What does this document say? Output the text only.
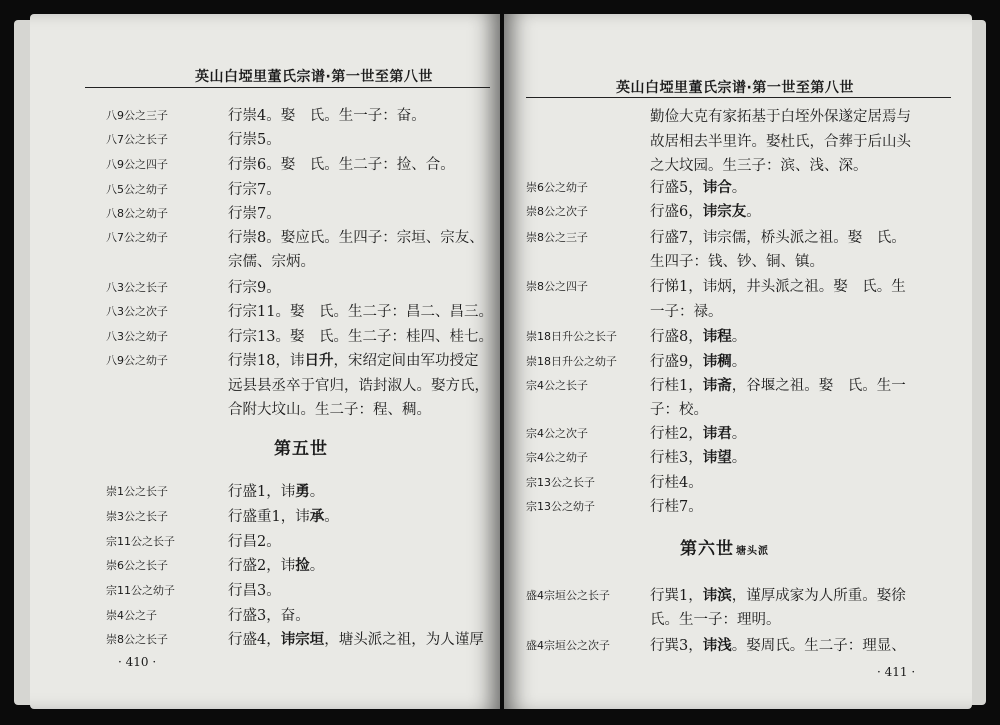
英山白埡里董氏宗谱·第一世至第八世
八9公之三子	行崇4。娶　氏。生一子：奋。
八7公之长子	行崇5。
八9公之四子	行崇6。娶　氏。生二子：捡、合。
八5公之幼子	行宗7。
八8公之幼子	行崇7。
八7公之幼子	行崇8。娶应氏。生四子：宗垣、宗友、
宗儒、宗炳。
八3公之长子	行宗9。
八3公之次子	行宗11。娶　氏。生二子：昌二、昌三。
八3公之幼子	行宗13。娶　氏。生二子：桂四、桂七。
八9公之幼子	行崇18，讳日升，宋绍定间由军功授定
远县县丞卒于官归，诰封淑人。娶方氏，
合附大坟山。生二子：程、稠。
第五世
崇1公之长子	行盛1，讳勇。
崇3公之长子	行盛重1，讳承。
宗11公之长子	行昌2。
崇6公之长子	行盛2，讳捡。
宗11公之幼子	行昌3。
崇4公之子	行盛3，奋。
崇8公之长子	行盛4，讳宗垣，塘头派之祖，为人谨厚
· 410 ·
英山白埡里董氏宗谱·第一世至第八世
勤俭大克有家拓基于白垤外保遂定居焉与
故居相去半里许。娶杜氏，合葬于后山头
之大坟园。生三子：滨、浅、深。
崇6公之幼子	行盛5，讳合。
崇8公之次子	行盛6，讳宗友。
崇8公之三子	行盛7，讳宗儒，桥头派之祖。娶　氏。
生四子：钱、钞、铜、镇。
崇8公之四子	行悌1，讳炳，井头派之祖。娶　氏。生
一子：禄。
崇18日升公之长子 行盛8，讳程。
崇18日升公之幼子 行盛9，讳稠。
宗4公之长子	行桂1，讳斋，谷堰之祖。娶　氏。生一
子：校。
宗4公之次子	行桂2，讳君。
宗4公之幼子	行桂3，讳望。
宗13公之长子	行桂4。
宗13公之幼子	行桂7。
第六世 塘头派
盛4宗垣公之长子	行巽1，讳滨，谨厚成家为人所重。娶徐
氏。生一子：理明。
盛4宗垣公之次子	行巽3，讳浅。娶周氏。生二子：理显、
· 411 ·
